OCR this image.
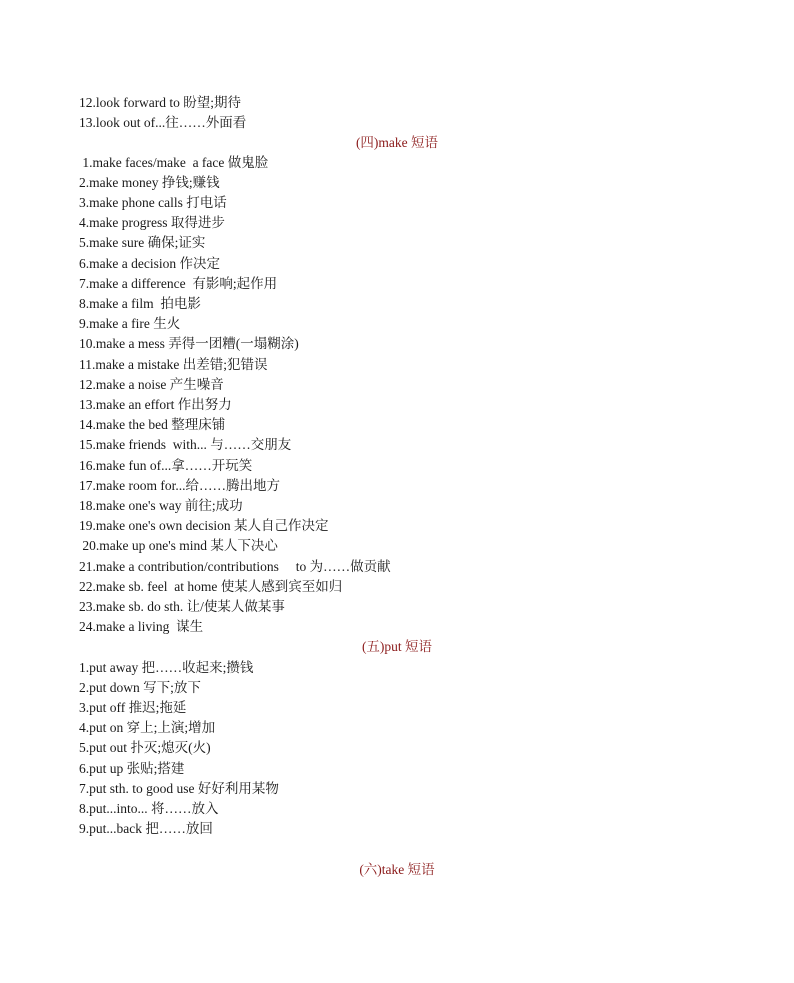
12.look forward to 盼望;期待
13.look out of...往……外面看
(四)make 短语
1.make faces/make  a face 做鬼脸
2.make money 挣钱;赚钱
3.make phone calls 打电话
4.make progress 取得进步
5.make sure 确保;证实
6.make a decision 作决定
7.make a difference  有影响;起作用
8.make a film  拍电影
9.make a fire 生火
10.make a mess 弄得一团糟(一塌糊涂)
11.make a mistake 出差错;犯错误
12.make a noise 产生噪音
13.make an effort 作出努力
14.make the bed 整理床铺
15.make friends  with... 与……交朋友
16.make fun of...拿……开玩笑
17.make room for...给……腾出地方
18.make one's way 前往;成功
19.make one's own decision 某人自己作决定
20.make up one's mind 某人下决心
21.make a contribution/contributions     to 为……做贡献
22.make sb. feel  at home 使某人感到宾至如归
23.make sb. do sth. 让/使某人做某事
24.make a living  谋生
(五)put 短语
1.put away 把……收起来;攒钱
2.put down 写下;放下
3.put off 推迟;拖延
4.put on 穿上;上演;增加
5.put out 扑灭;熄灭(火)
6.put up 张贴;搭建
7.put sth. to good use 好好利用某物
8.put...into... 将……放入
9.put...back 把……放回
(六)take 短语
